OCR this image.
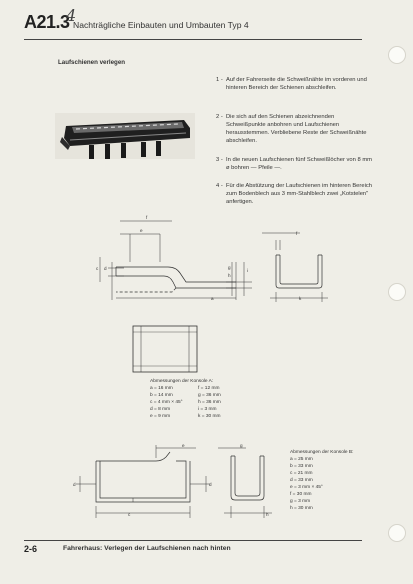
A21.3
4
Nachträgliche Einbauten und Umbauten Typ 4
Laufschienen verlegen
1 - Auf der Fahrerseite die Schweißnähte im vorderen und hinteren Bereich der Schienen abschleifen.
2 - Die sich auf den Schienen abzeichnenden Schweißpunkte anbohren und Laufschienen herausstemmen. Verbliebene Reste der Schweißnähte abschleifen.
3 - In die neuen Laufschienen fünf Schweißlöcher von 8 mm ø bohren — Pfeile —.
4 - Für die Abstützung der Laufschienen im hinteren Bereich zum Bodenblech aus 3 mm-Stahlblech zwei „Kotstelen" anfertigen.
f
e
c d	g
h
i
a
f
k
e
d	d
c
g
h
Abmessungen der Konsole A:
a = 16 mm	f = 12 mm
b = 14 mm	g = 36 mm
c = 4 mm × 45°	h = 36 mm
d = 8 mm	i = 3 mm
e = 9 mm	k = 30 mm
Abmessungen der Konsole B:
a = 25 mm
b = 33 mm
c = 21 mm
d = 33 mm
e = 3 mm × 45°
f = 30 mm
g = 3 mm
h = 30 mm
2-6	Fahrerhaus: Verlegen der Laufschienen nach hinten
